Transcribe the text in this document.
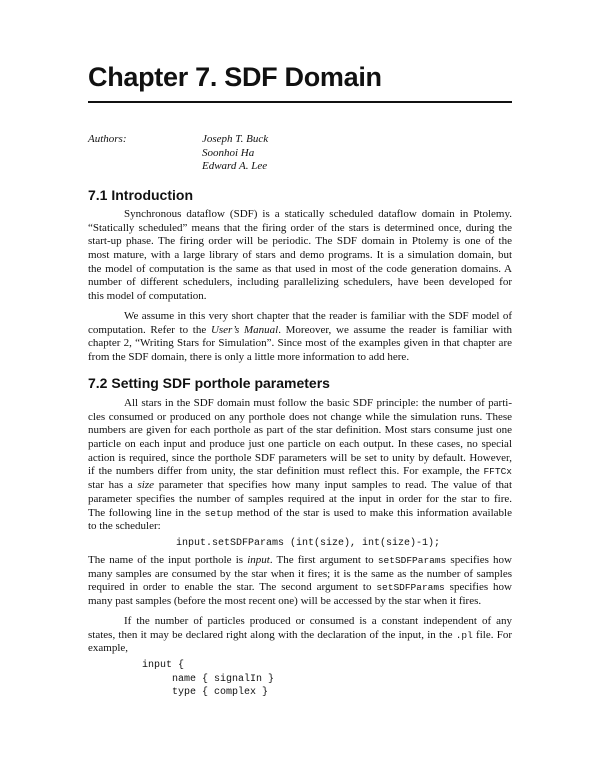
Chapter 7. SDF Domain
Authors:	Joseph T. Buck
Soonhoi Ha
Edward A. Lee
7.1 Introduction
Synchronous dataflow (SDF) is a statically scheduled dataflow domain in Ptolemy.
“Statically scheduled” means that the firing order of the stars is determined once, during the
start-up phase. The firing order will be periodic. The SDF domain in Ptolemy is one of the
most mature, with a large library of stars and demo programs. It is a simulation domain, but
the model of computation is the same as that used in most of the code generation domains. A
number of different schedulers, including parallelizing schedulers, have been developed for
this model of computation.
We assume in this very short chapter that the reader is familiar with the SDF model of
computation. Refer to the User’s Manual. Moreover, we assume the reader is familiar with
chapter 2, “Writing Stars for Simulation”. Since most of the examples given in that chapter are
from the SDF domain, there is only a little more information to add here.
7.2 Setting SDF porthole parameters
All stars in the SDF domain must follow the basic SDF principle: the number of parti-
cles consumed or produced on any porthole does not change while the simulation runs. These
numbers are given for each porthole as part of the star definition. Most stars consume just one
particle on each input and produce just one particle on each output. In these cases, no special
action is required, since the porthole SDF parameters will be set to unity by default. However,
if the numbers differ from unity, the star definition must reflect this. For example, the FFTCx
star has a size parameter that specifies how many input samples to read. The value of that
parameter specifies the number of samples required at the input in order for the star to fire.
The following line in the setup method of the star is used to make this information available
to the scheduler:
input.setSDFParams (int(size), int(size)-1);
The name of the input porthole is input. The first argument to setSDFParams specifies how
many samples are consumed by the star when it fires; it is the same as the number of samples
required in order to enable the star. The second argument to setSDFParams specifies how
many past samples (before the most recent one) will be accessed by the star when it fires.
If the number of particles produced or consumed is a constant independent of any
states, then it may be declared right along with the declaration of the input, in the .pl file. For
example,
input {
name { signalIn }
type { complex }
